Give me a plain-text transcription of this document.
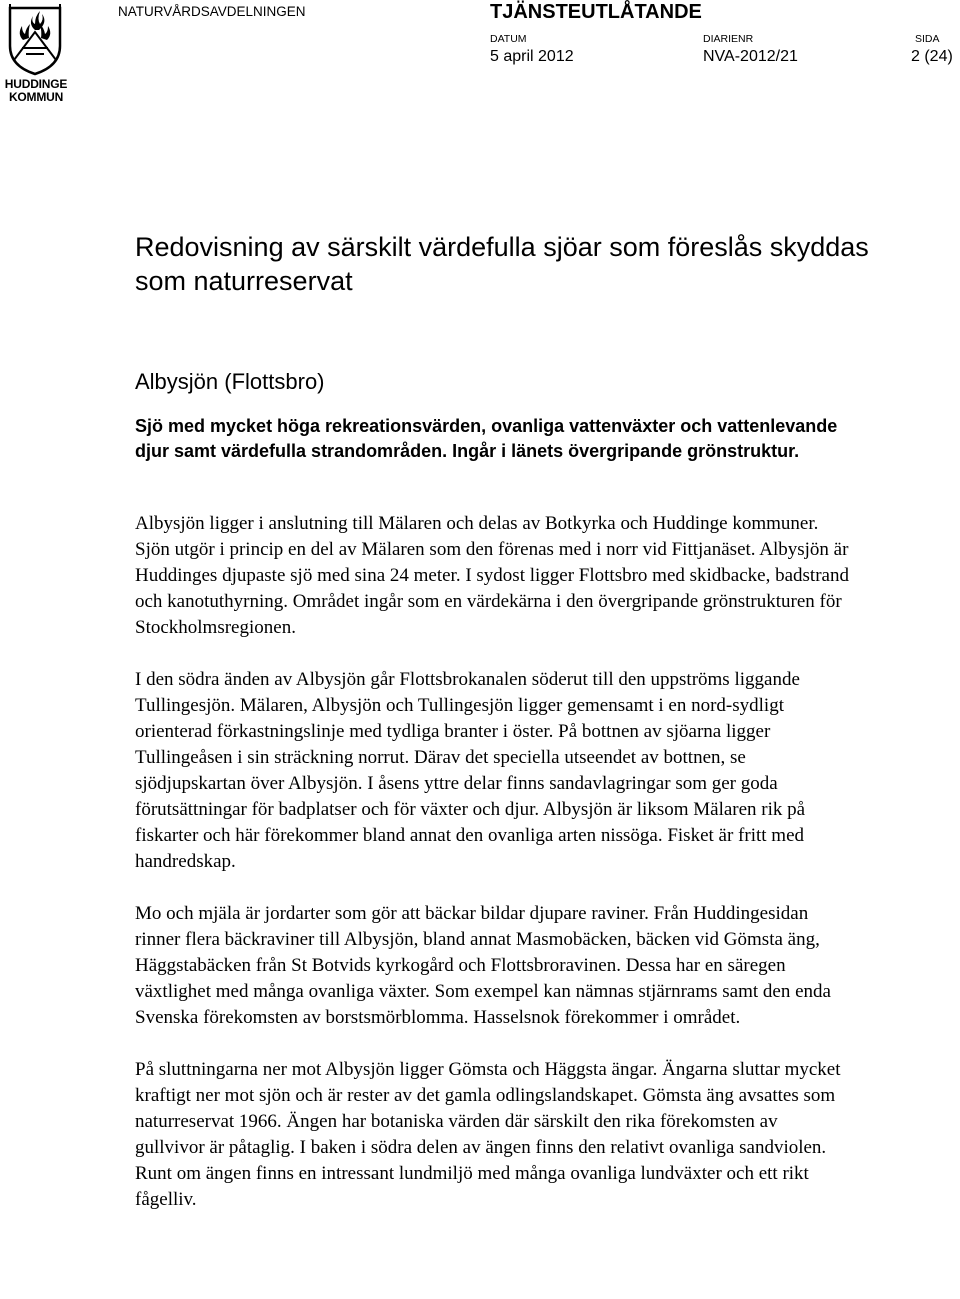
HUDDINGE
KOMMUN
NATURVÅRDSAVDELNINGEN	TJÄNSTEUTLÅTANDE
DATUM
5 april 2012
DIARIENR
NVA-2012/21
SIDA
2 (24)
Redovisning av särskilt värdefulla sjöar som föreslås skyddas som naturreservat
Albysjön (Flottsbro)

Sjö med mycket höga rekreationsvärden, ovanliga vattenväxter och vattenlevande djur samt värdefulla strandområden. Ingår i länets övergripande grönstruktur.

Albysjön ligger i anslutning till Mälaren och delas av Botkyrka och Huddinge kommuner. Sjön utgör i princip en del av Mälaren som den förenas med i norr vid Fittjanäset. Albysjön är Huddinges djupaste sjö med sina 24 meter. I sydost ligger Flottsbro med skidbacke, badstrand och kanotuthyrning. Området ingår som en värdekärna i den övergripande grönstrukturen för Stockholmsregionen.

I den södra änden av Albysjön går Flottsbrokanalen söderut till den uppströms liggande Tullingesjön. Mälaren, Albysjön och Tullingesjön ligger gemensamt i en nord-sydligt orienterad förkastningslinje med tydliga branter i öster. På bottnen av sjöarna ligger Tullingeåsen i sin sträckning norrut. Därav det speciella utseendet av bottnen, se sjödjupskartan över Albysjön. I åsens yttre delar finns sandavlagringar som ger goda förutsättningar för badplatser och för växter och djur. Albysjön är liksom Mälaren rik på fiskarter och här förekommer bland annat den ovanliga arten nissöga. Fisket är fritt med handredskap.

Mo och mjäla är jordarter som gör att bäckar bildar djupare raviner. Från Huddingesidan rinner flera bäckraviner till Albysjön, bland annat Masmobäcken, bäcken vid Gömsta äng, Häggstabäcken från St Botvids kyrkogård och Flottsbroravinen. Dessa har en säregen växtlighet med många ovanliga växter. Som exempel kan nämnas stjärnrams samt den enda Svenska förekomsten av borstsmörblomma. Hasselsnok förekommer i området.

På sluttningarna ner mot Albysjön ligger Gömsta och Häggsta ängar. Ängarna sluttar mycket kraftigt ner mot sjön och är rester av det gamla odlingslandskapet. Gömsta äng avsattes som naturreservat 1966. Ängen har botaniska värden där särskilt den rika förekomsten av gullvivor är påtaglig. I baken i södra delen av ängen finns den relativt ovanliga sandviolen. Runt om ängen finns en intressant lundmiljö med många ovanliga lundväxter och ett rikt fågelliv.
